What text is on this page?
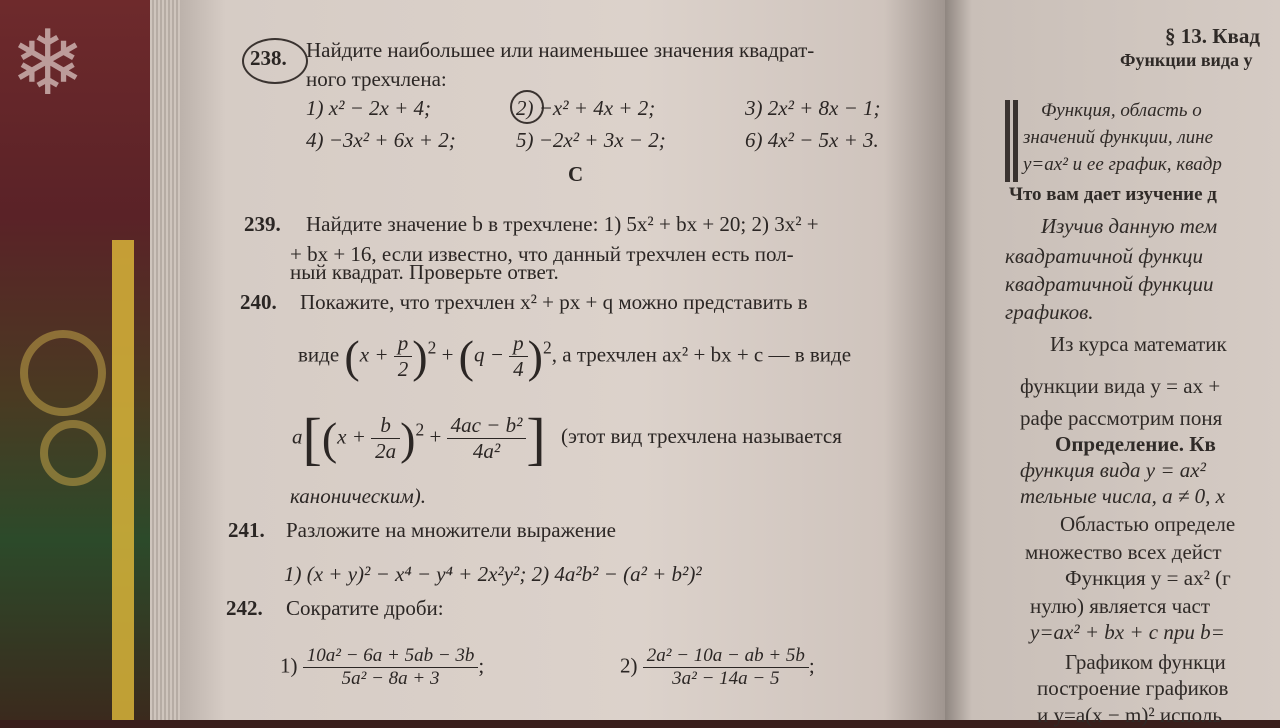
❄	238. Найдите наибольшее или наименьшее значения квадрат-
ного трехчлена:
1) x² − 2x + 4;	2) −x² + 4x + 2;	3) 2x² + 8x − 1;
4) −3x² + 6x + 2;	5) −2x² + 3x − 2;	6) 4x² − 5x + 3.
C
239. Найдите значение b в трехчлене: 1) 5x² + bx + 20; 2) 3x² +
+ bx + 16, если известно, что данный трехчлен есть пол-
ный квадрат. Проверьте ответ.
240. Покажите, что трехчлен x² + px + q можно представить в
виде $(x + \frac{p}{2} )^2 + (q - \frac{p}{4} )^2$, а трехчлен ax² + bx + c — в виде
$a[(x + \frac{b}{2a} )^2 + \frac{\text{4ac − b²}}{\text{4a²}}$ ] (этот вид трехчлена называется
каноническим).
241. Разложите на множители выражение
1) (x + y)² − x⁴ − y⁴ + 2x²y²; 2) 4a²b² − (a² + b²)²
242. Сократите дроби:
$1) \frac{\text{10a² − 6a + 5ab − 3b}}{\text{5a² − 8a + 3}}$ ;	$2) \frac{\text{2a² − 10a − ab + 5b}}{\text{3a² − 14a − 5}}$ ;
§ 13. Квад
Функции вида y
Функция, область о
значений функции, лине
y=ax² и ее график, квадр
Что вам дает изучение д
Изучив данную тем
квадратичной функци
квадратичной функции
графиков.
Из курса математик
функции вида y = ax +
рафе рассмотрим поня
Определение. Кв
функция вида y = ax²
тельные числа, a ≠ 0, x
Областью определе
множество всех дейст
Функция y = ax² (г
нулю) является част
y=ax² + bx + c при b=
Графиком функци
построение графиков
и y=a(x − m)² исполь
